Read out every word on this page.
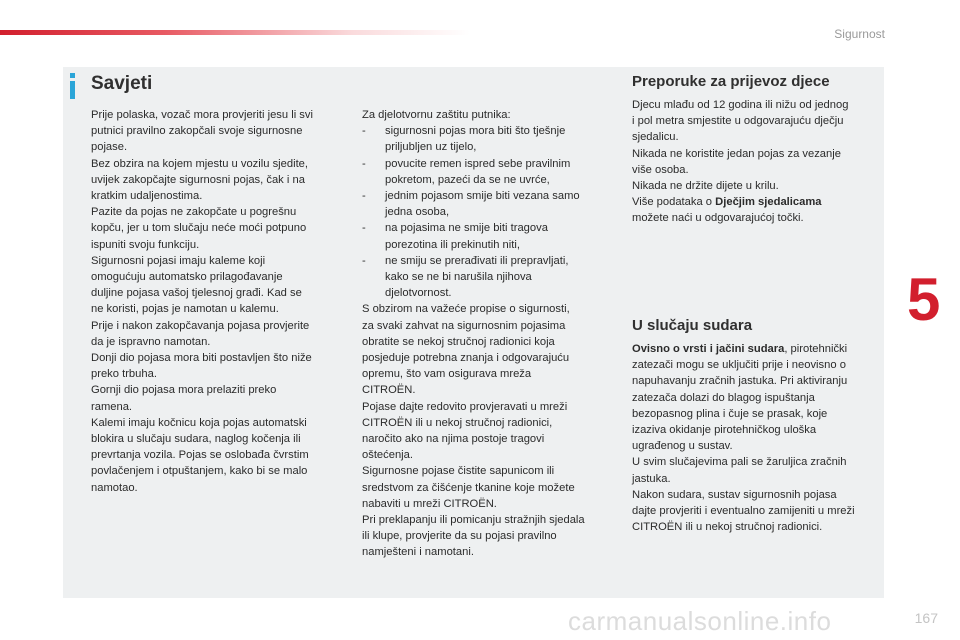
Sigurnost
Savjeti

Prije polaska, vozač mora provjeriti jesu li svi
putnici pravilno zakopčali svoje sigurnosne
pojase.
Bez obzira na kojem mjestu u vozilu sjedite,
uvijek zakopčajte sigurnosni pojas, čak i na
kratkim udaljenostima.
Pazite da pojas ne zakopčate u pogrešnu
kopču, jer u tom slučaju neće moći potpuno
ispuniti svoju funkciju.
Sigurnosni pojasi imaju kaleme koji
omogućuju automatsko prilagođavanje
duljine pojasa vašoj tjelesnoj građi. Kad se
ne koristi, pojas je namotan u kalemu.
Prije i nakon zakopčavanja pojasa provjerite
da je ispravno namotan.
Donji dio pojasa mora biti postavljen što niže
preko trbuha.
Gornji dio pojasa mora prelaziti preko
ramena.
Kalemi imaju kočnicu koja pojas automatski
blokira u slučaju sudara, naglog kočenja ili
prevrtanja vozila. Pojas se oslobađa čvrstim
povlačenjem i otpuštanjem, kako bi se malo
namotao.

Za djelotvornu zaštitu putnika:

-	sigurnosni pojas mora biti što tješnje
priljubljen uz tijelo,
-	povucite remen ispred sebe pravilnim
pokretom, pazeći da se ne uvrće,
-	jednim pojasom smije biti vezana samo
jedna osoba,
-	na pojasima ne smije biti tragova
porezotina ili prekinutih niti,
-	ne smiju se prerađivati ili prepravljati,
kako se ne bi narušila njihova
djelotvornost.

S obzirom na važeće propise o sigurnosti,
za svaki zahvat na sigurnosnim pojasima
obratite se nekoj stručnoj radionici koja
posjeduje potrebna znanja i odgovarajuću
opremu, što vam osigurava mreža
CITROËN.
Pojase dajte redovito provjeravati u mreži
CITROËN ili u nekoj stručnoj radionici,
naročito ako na njima postoje tragovi
oštećenja.
Sigurnosne pojase čistite sapunicom ili
sredstvom za čišćenje tkanine koje možete
nabaviti u mreži CITROËN.
Pri preklapanju ili pomicanju stražnjih sjedala
ili klupe, provjerite da su pojasi pravilno
namješteni i namotani.

Preporuke za prijevoz djece

Djecu mlađu od 12 godina ili nižu od jednog
i pol metra smjestite u odgovarajuću dječju
sjedalicu.
Nikada ne koristite jedan pojas za vezanje
više osoba.
Nikada ne držite dijete u krilu.

Više podataka o Dječjim sjedalicama
možete naći u odgovarajućoj točki.

U slučaju sudara

Ovisno o vrsti i jačini sudara, pirotehnički
zatezači mogu se uključiti prije i neovisno o
napuhavanju zračnih jastuka. Pri aktiviranju
zatezača dolazi do blagog ispuštanja
bezopasnog plina i čuje se prasak, koje
izaziva okidanje pirotehničkog uloška
ugrađenog u sustav.
U svim slučajevima pali se žaruljica zračnih
jastuka.
Nakon sudara, sustav sigurnosnih pojasa
dajte provjeriti i eventualno zamijeniti u mreži
CITROËN ili u nekoj stručnoj radionici.

5
carmanualsonline.info	167
